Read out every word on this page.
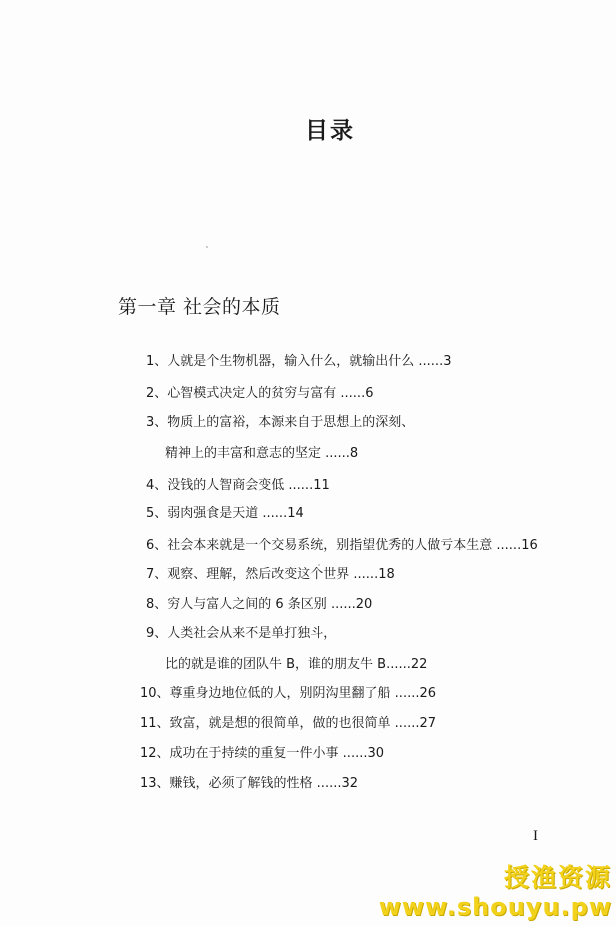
目录
第一章 社会的本质
1、人就是个生物机器，输入什么，就输出什么 ......3
2、心智模式决定人的贫穷与富有 ......6
3、物质上的富裕，本源来自于思想上的深刻、
精神上的丰富和意志的坚定 ......8
4、没钱的人智商会变低 ......11
5、弱肉强食是天道 ......14
6、社会本来就是一个交易系统，别指望优秀的人做亏本生意 ......16
7、观察、理解，然后改变这个世界 ......18
8、穷人与富人之间的 6 条区别 ......20
9、人类社会从来不是单打独斗，
比的就是谁的团队牛 B，谁的朋友牛 B......22
10、尊重身边地位低的人，别阴沟里翻了船 ......26
11、致富，就是想的很简单，做的也很简单 ......27
12、成功在于持续的重复一件小事 ......30
13、赚钱，必须了解钱的性格 ......32
I
授渔资源
www.shouyu.pw
